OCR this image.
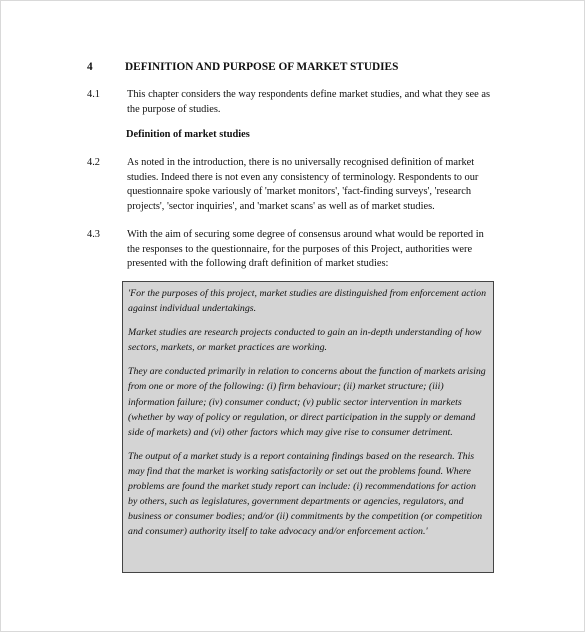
4	DEFINITION AND PURPOSE OF MARKET STUDIES
4.1	This chapter considers the way respondents define market studies, and what they see as the purpose of studies.
Definition of market studies
4.2	As noted in the introduction, there is no universally recognised definition of market studies. Indeed there is not even any consistency of terminology. Respondents to our questionnaire spoke variously of 'market monitors', 'fact-finding surveys', 'research projects', 'sector inquiries', and 'market scans' as well as of market studies.
4.3	With the aim of securing some degree of consensus around what would be reported in the responses to the questionnaire, for the purposes of this Project, authorities were presented with the following draft definition of market studies:

'For the purposes of this project, market studies are distinguished from enforcement action against individual undertakings.

Market studies are research projects conducted to gain an in-depth understanding of how sectors, markets, or market practices are working.

They are conducted primarily in relation to concerns about the function of markets arising from one or more of the following: (i) firm behaviour; (ii) market structure; (iii) information failure; (iv) consumer conduct; (v) public sector intervention in markets (whether by way of policy or regulation, or direct participation in the supply or demand side of markets) and (vi) other factors which may give rise to consumer detriment.

The output of a market study is a report containing findings based on the research. This may find that the market is working satisfactorily or set out the problems found. Where problems are found the market study report can include: (i) recommendations for action by others, such as legislatures, government departments or agencies, regulators, and business or consumer bodies; and/or (ii) commitments by the competition (or competition and consumer) authority itself to take advocacy and/or enforcement action.'
